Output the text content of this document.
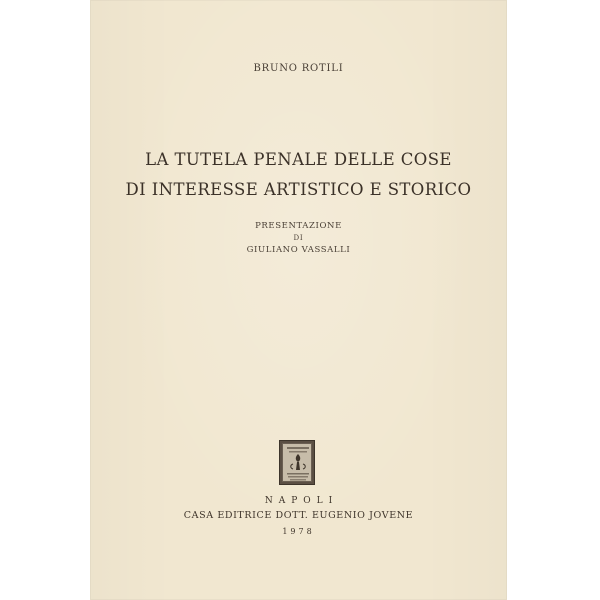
BRUNO ROTILI
LA TUTELA PENALE DELLE COSE
DI INTERESSE ARTISTICO E STORICO
PRESENTAZIONE
DI
GIULIANO VASSALLI
NAPOLI
CASA EDITRICE DOTT. EUGENIO JOVENE
1978
